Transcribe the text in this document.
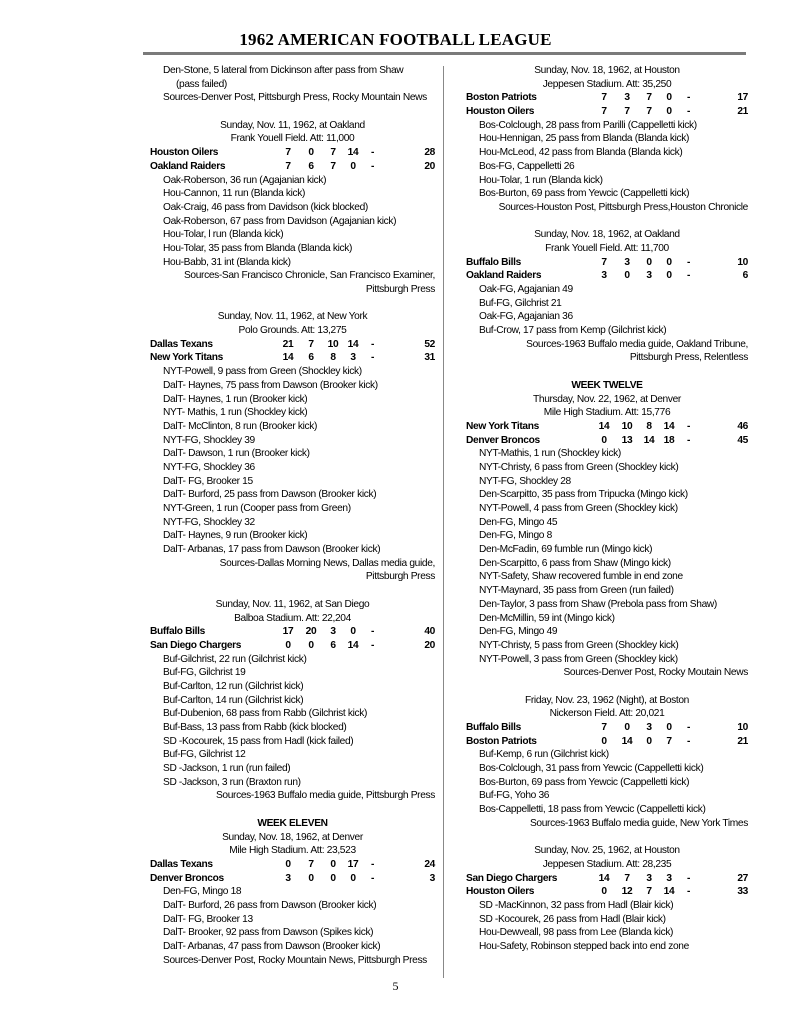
1962 AMERICAN FOOTBALL LEAGUE
Den-Stone, 5 lateral from Dickinson after pass from Shaw
(pass failed)
Sources-Denver Post, Pittsburgh Press, Rocky Mountain News
Sunday, Nov. 11, 1962, at Oakland
Frank Youell Field. Att: 11,000
Houston Oilers	7	0	7	14 -	28
Oakland Raiders	7	6	7	0	-	20
Oak-Roberson, 36 run (Agajanian kick)
Hou-Cannon, 11 run (Blanda kick)
Oak-Craig, 46 pass from Davidson (kick blocked)
Oak-Roberson, 67 pass from Davidson (Agajanian kick)
Hou-Tolar, l run (Blanda kick)
Hou-Tolar, 35 pass from Blanda (Blanda kick)
Hou-Babb, 31 int (Blanda kick)
Sources-San Francisco Chronicle, San Francisco Examiner,
Pittsburgh Press
Sunday, Nov. 11, 1962, at New York
Polo Grounds. Att: 13,275
Dallas Texans	21	7	10 14 -	52
New York Titans	14	6	8	3	-	31
NYT-Powell, 9 pass from Green (Shockley kick)
DalT- Haynes, 75 pass from Dawson (Brooker kick)
DalT- Haynes, 1 run (Brooker kick)
NYT- Mathis, 1 run (Shockley kick)
DalT- McClinton, 8 run (Brooker kick)
NYT-FG, Shockley 39
DalT- Dawson, 1 run (Brooker kick)
NYT-FG, Shockley 36
DalT- FG, Brooker 15
DalT- Burford, 25 pass from Dawson (Brooker kick)
NYT-Green, 1 run (Cooper pass from Green)
NYT-FG, Shockley 32
DalT- Haynes, 9 run (Brooker kick)
DalT- Arbanas, 17 pass from Dawson (Brooker kick)
Sources-Dallas Morning News, Dallas media guide,
Pittsburgh Press
Sunday, Nov. 11, 1962, at San Diego
Balboa Stadium. Att: 22,204
Buffalo Bills	17 20	3	0	-	40
San Diego Chargers	0	0	6	14 -	20
Buf-Gilchrist, 22 run (Gilchrist kick)
Buf-FG, Gilchrist 19
Buf-Carlton, 12 run (Gilchrist kick)
Buf-Carlton, 14 run (Gilchrist kick)
Buf-Dubenion, 68 pass from Rabb (Gilchrist kick)
Buf-Bass, 13 pass from Rabb (kick blocked)
SD -Kocourek, 15 pass from Hadl (kick failed)
Buf-FG, Gilchrist 12
SD -Jackson, 1 run (run failed)
SD -Jackson, 3 run (Braxton run)
Sources-1963 Buffalo media guide, Pittsburgh Press
WEEK ELEVEN
Sunday, Nov. 18, 1962, at Denver
Mile High Stadium. Att: 23,523
Dallas Texans	0	7	0	17 -	24
Denver Broncos	3	0	0	0	-	3
Den-FG, Mingo 18
DalT- Burford, 26 pass from Dawson (Brooker kick)
DalT- FG, Brooker 13
DalT- Brooker, 92 pass from Dawson (Spikes kick)
DalT- Arbanas, 47 pass from Dawson (Brooker kick)
Sources-Denver Post, Rocky Mountain News, Pittsburgh Press
Sunday, Nov. 18, 1962, at Houston
Jeppesen Stadium. Att: 35,250
Boston Patriots	7	3	7	0	-	17
Houston Oilers	7	7	7	0	-	21
Bos-Colclough, 28 pass from Parilli (Cappelletti kick)
Hou-Hennigan, 25 pass from Blanda (Blanda kick)
Hou-McLeod, 42 pass from Blanda (Blanda kick)
Bos-FG, Cappelletti 26
Hou-Tolar, 1 run (Blanda kick)
Bos-Burton, 69 pass from Yewcic (Cappelletti kick)
Sources-Houston Post, Pittsburgh Press,Houston Chronicle
Sunday, Nov. 18, 1962, at Oakland
Frank Youell Field. Att: 11,700
Buffalo Bills	7	3	0	0	-	10
Oakland Raiders	3	0	3	0	-	6
Oak-FG, Agajanian 49
Buf-FG, Gilchrist 21
Oak-FG, Agajanian 36
Buf-Crow, 17 pass from Kemp (Gilchrist kick)
Sources-1963 Buffalo media guide, Oakland Tribune,
Pittsburgh Press, Relentless
WEEK TWELVE
Thursday, Nov. 22, 1962, at Denver
Mile High Stadium. Att: 15,776
New York Titans	14 10	8	14 -	46
Denver Broncos	0	13 14 18 -	45
NYT-Mathis, 1 run (Shockley kick)
NYT-Christy, 6 pass from Green (Shockley kick)
NYT-FG, Shockley 28
Den-Scarpitto, 35 pass from Tripucka (Mingo kick)
NYT-Powell, 4 pass from Green (Shockley kick)
Den-FG, Mingo 45
Den-FG, Mingo 8
Den-McFadin, 69 fumble run (Mingo kick)
Den-Scarpitto, 6 pass from Shaw (Mingo kick)
NYT-Safety, Shaw recovered fumble in end zone
NYT-Maynard, 35 pass from Green (run failed)
Den-Taylor, 3 pass from Shaw (Prebola pass from Shaw)
Den-McMillin, 59 int (Mingo kick)
Den-FG, Mingo 49
NYT-Christy, 5 pass from Green (Shockley kick)
NYT-Powell, 3 pass from Green (Shockley kick)
Sources-Denver Post, Rocky Moutain News
Friday, Nov. 23, 1962 (Night), at Boston
Nickerson Field. Att: 20,021
Buffalo Bills	7	0	3	0	-	10
Boston Patriots	0	14	0	7	-	21
Buf-Kemp, 6 run (Gilchrist kick)
Bos-Colclough, 31 pass from Yewcic (Cappelletti kick)
Bos-Burton, 69 pass from Yewcic (Cappelletti kick)
Buf-FG, Yoho 36
Bos-Cappelletti, 18 pass from Yewcic (Cappelletti kick)
Sources-1963 Buffalo media guide, New York Times
Sunday, Nov. 25, 1962, at Houston
Jeppesen Stadium. Att: 28,235
San Diego Chargers	14	7	3	3	-	27
Houston Oilers	0	12	7	14 -	33
SD -MacKinnon, 32 pass from Hadl (Blair kick)
SD -Kocourek, 26 pass from Hadl (Blair kick)
Hou-Dewveall, 98 pass from Lee (Blanda kick)
Hou-Safety, Robinson stepped back into end zone
5
